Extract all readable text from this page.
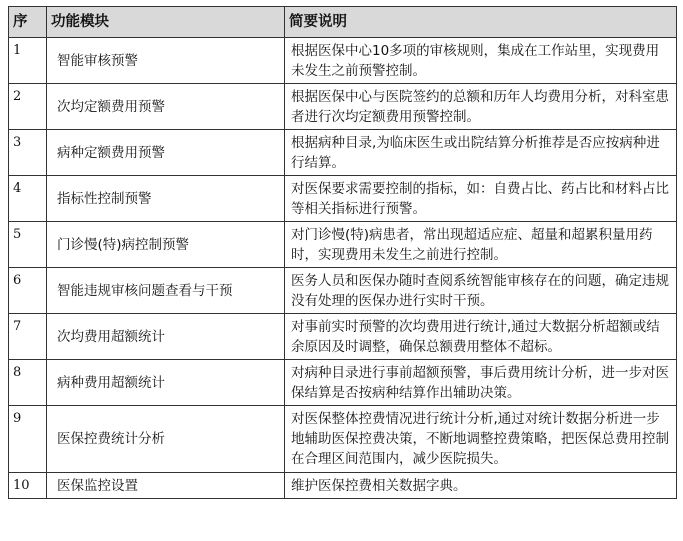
序	功能模块	简要说明
1	智能审核预警	根据医保中心10多项的审核规则，集成在工作站里，实现费用未发生之前预警控制。
2	次均定额费用预警	根据医保中心与医院签约的总额和历年人均费用分析，对科室患者进行次均定额费用预警控制。
3	病种定额费用预警	根据病种目录,为临床医生或出院结算分析推荐是否应按病种进行结算。
4	指标性控制预警	对医保要求需要控制的指标，如：自费占比、药占比和材料占比等相关指标进行预警。
5	门诊慢(特)病控制预警	对门诊慢(特)病患者，常出现超适应症、超量和超累积量用药时，实现费用未发生之前进行控制。
6	智能违规审核问题查看与干预	医务人员和医保办随时查阅系统智能审核存在的问题，确定违规没有处理的医保办进行实时干预。
7	次均费用超额统计	对事前实时预警的次均费用进行统计,通过大数据分析超额或结余原因及时调整，确保总额费用整体不超标。
8	病种费用超额统计	对病种目录进行事前超额预警，事后费用统计分析，进一步对医保结算是否按病种结算作出辅助决策。
9	医保控费统计分析	对医保整体控费情况进行统计分析,通过对统计数据分析进一步地辅助医保控费决策，不断地调整控费策略，把医保总费用控制在合理区间范围内，减少医院损失。
10	医保监控设置	维护医保控费相关数据字典。
